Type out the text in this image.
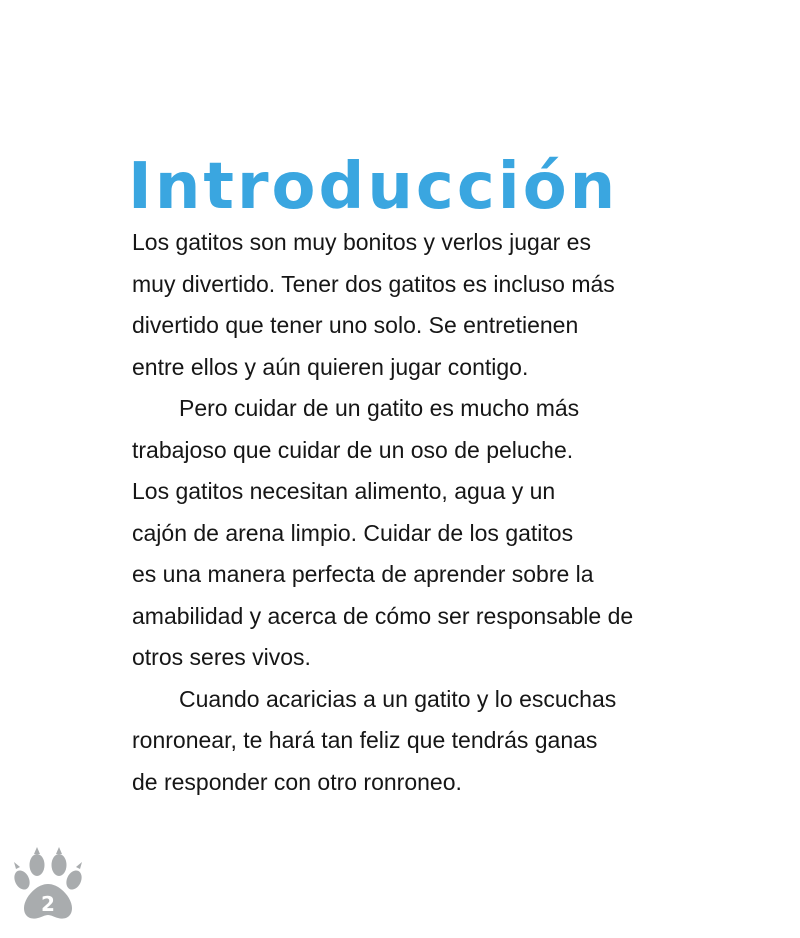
Introducción
Los gatitos son muy bonitos y verlos jugar es
muy divertido. Tener dos gatitos es incluso más
divertido que tener uno solo. Se entretienen
entre ellos y aún quieren jugar contigo.
Pero cuidar de un gatito es mucho más
trabajoso que cuidar de un oso de peluche.
Los gatitos necesitan alimento, agua y un
cajón de arena limpio. Cuidar de los gatitos
es una manera perfecta de aprender sobre la
amabilidad y acerca de cómo ser responsable de
otros seres vivos.
Cuando acaricias a un gatito y lo escuchas
ronronear, te hará tan feliz que tendrás ganas
de responder con otro ronroneo.
2
